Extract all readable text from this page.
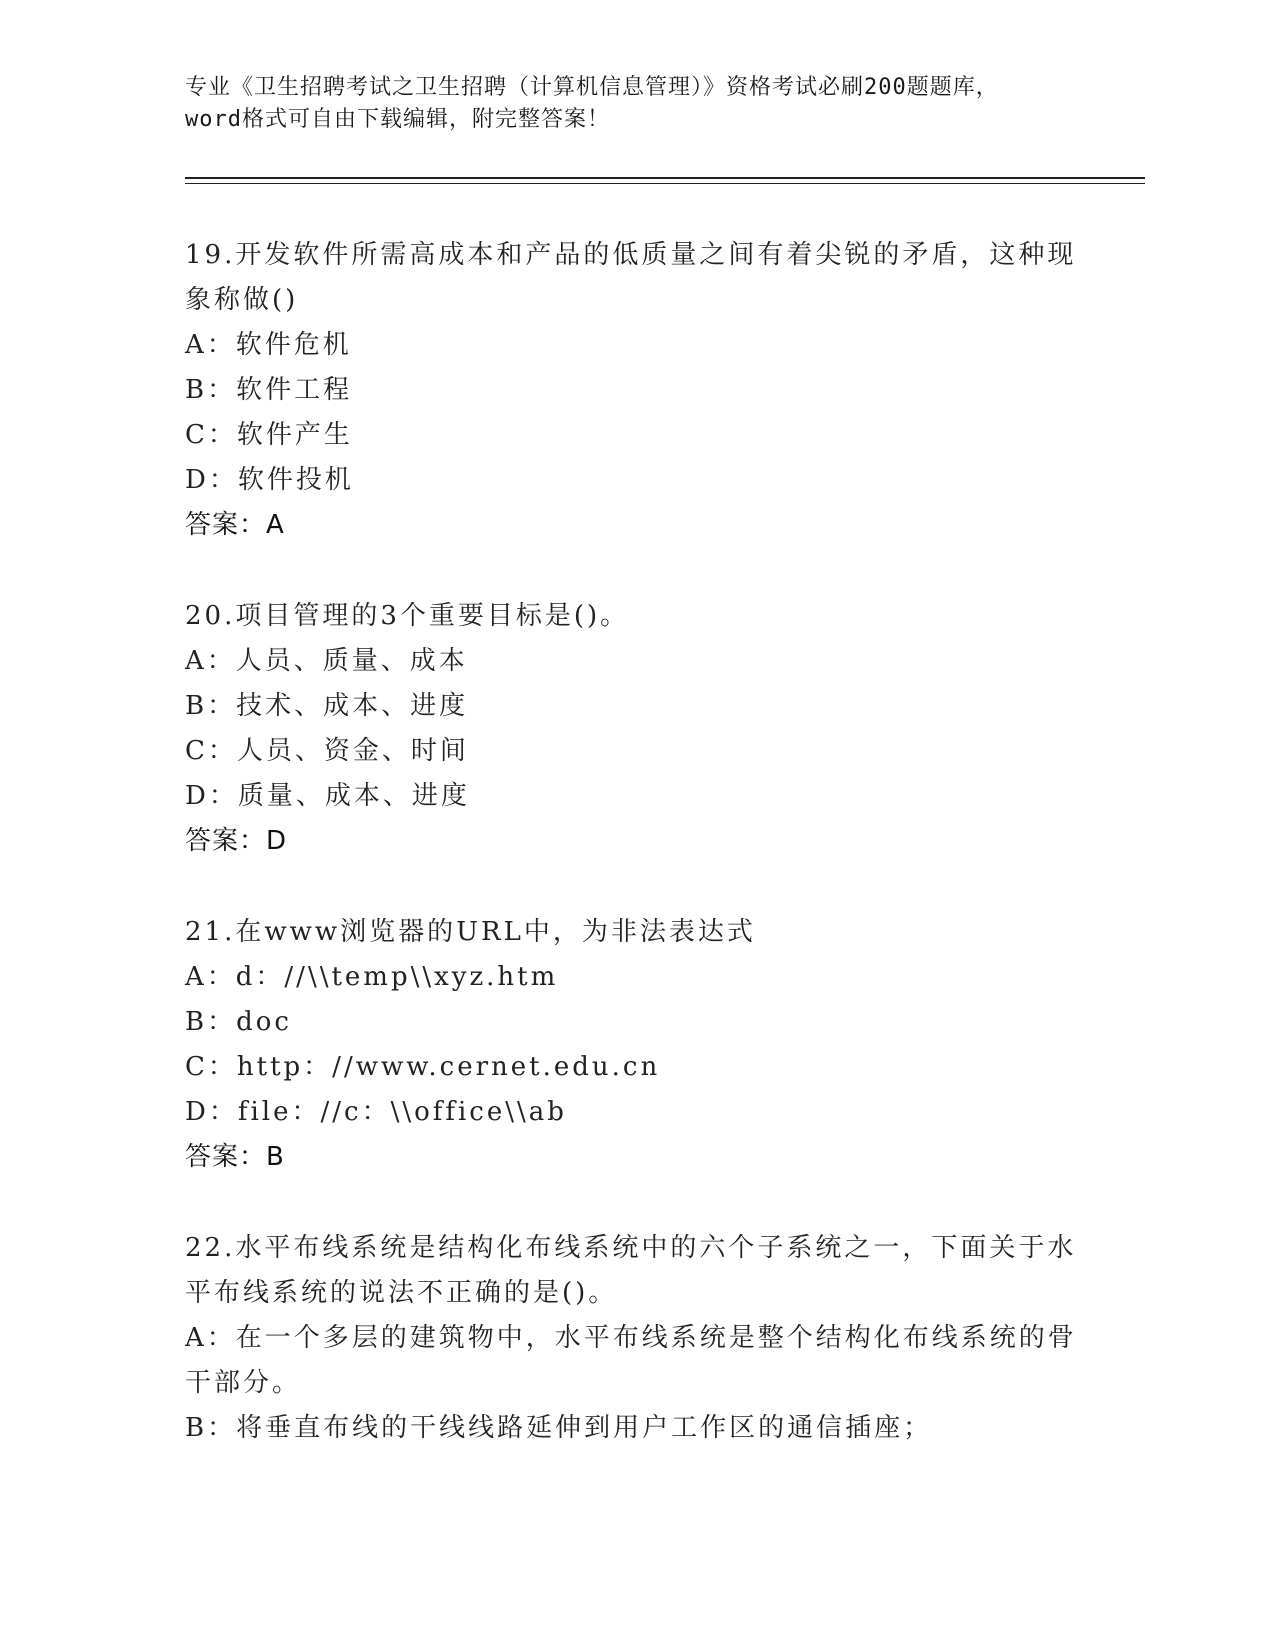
专业《卫生招聘考试之卫生招聘（计算机信息管理）》资格考试必刷200题题库，
word格式可自由下载编辑，附完整答案！
19.开发软件所需高成本和产品的低质量之间有着尖锐的矛盾，这种现象称做()
A：软件危机
B：软件工程
C：软件产生
D：软件投机
答案：A
20.项目管理的3个重要目标是()。
A：人员、质量、成本
B：技术、成本、进度
C：人员、资金、时间
D：质量、成本、进度
答案：D
21.在www浏览器的URL中，为非法表达式
A：d：//\\temp\\xyz.htm
B：doc
C：http：//www.cernet.edu.cn
D：file：//c：\\office\\ab
答案：B
22.水平布线系统是结构化布线系统中的六个子系统之一，下面关于水平布线系统的说法不正确的是()。
A：在一个多层的建筑物中，水平布线系统是整个结构化布线系统的骨干部分。
B：将垂直布线的干线线路延伸到用户工作区的通信插座；
